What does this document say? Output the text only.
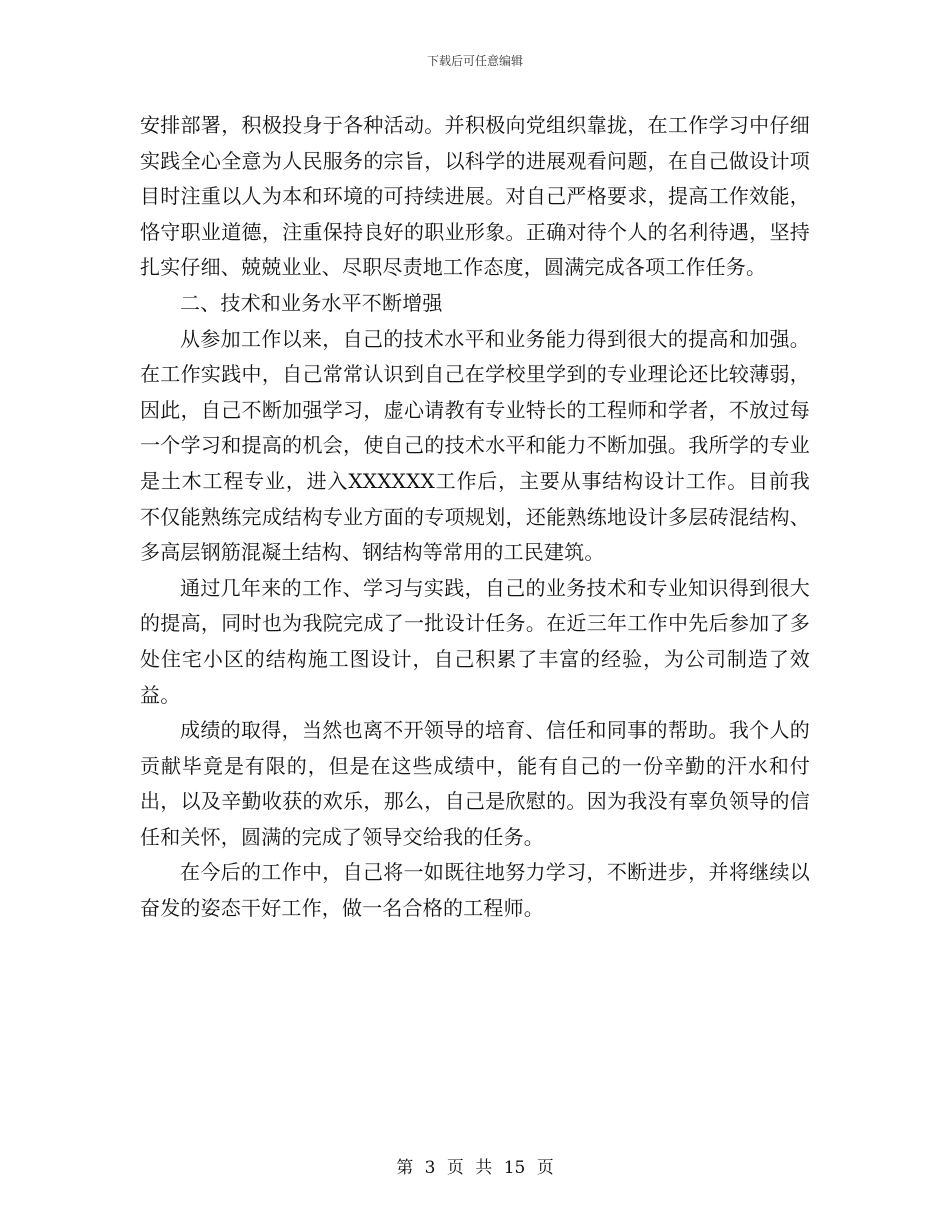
下载后可任意编辑

安排部署，积极投身于各种活动。并积极向党组织靠拢，在工作学习中仔细实践全心全意为人民服务的宗旨，以科学的进展观看问题，在自己做设计项目时注重以人为本和环境的可持续进展。对自己严格要求，提高工作效能，恪守职业道德，注重保持良好的职业形象。正确对待个人的名利待遇，坚持扎实仔细、兢兢业业、尽职尽责地工作态度，圆满完成各项工作任务。

二、技术和业务水平不断增强

从参加工作以来，自己的技术水平和业务能力得到很大的提高和加强。在工作实践中，自己常常认识到自己在学校里学到的专业理论还比较薄弱，因此，自己不断加强学习，虚心请教有专业特长的工程师和学者，不放过每一个学习和提高的机会，使自己的技术水平和能力不断加强。我所学的专业是土木工程专业，进入XXXXXX工作后，主要从事结构设计工作。目前我不仅能熟练完成结构专业方面的专项规划，还能熟练地设计多层砖混结构、多高层钢筋混凝土结构、钢结构等常用的工民建筑。

通过几年来的工作、学习与实践，自己的业务技术和专业知识得到很大的提高，同时也为我院完成了一批设计任务。在近三年工作中先后参加了多处住宅小区的结构施工图设计，自己积累了丰富的经验，为公司制造了效益。

成绩的取得，当然也离不开领导的培育、信任和同事的帮助。我个人的贡献毕竟是有限的，但是在这些成绩中，能有自己的一份辛勤的汗水和付出，以及辛勤收获的欢乐，那么，自己是欣慰的。因为我没有辜负领导的信任和关怀，圆满的完成了领导交给我的任务。

在今后的工作中，自己将一如既往地努力学习，不断进步，并将继续以奋发的姿态干好工作，做一名合格的工程师。

第 3 页 共 15 页
